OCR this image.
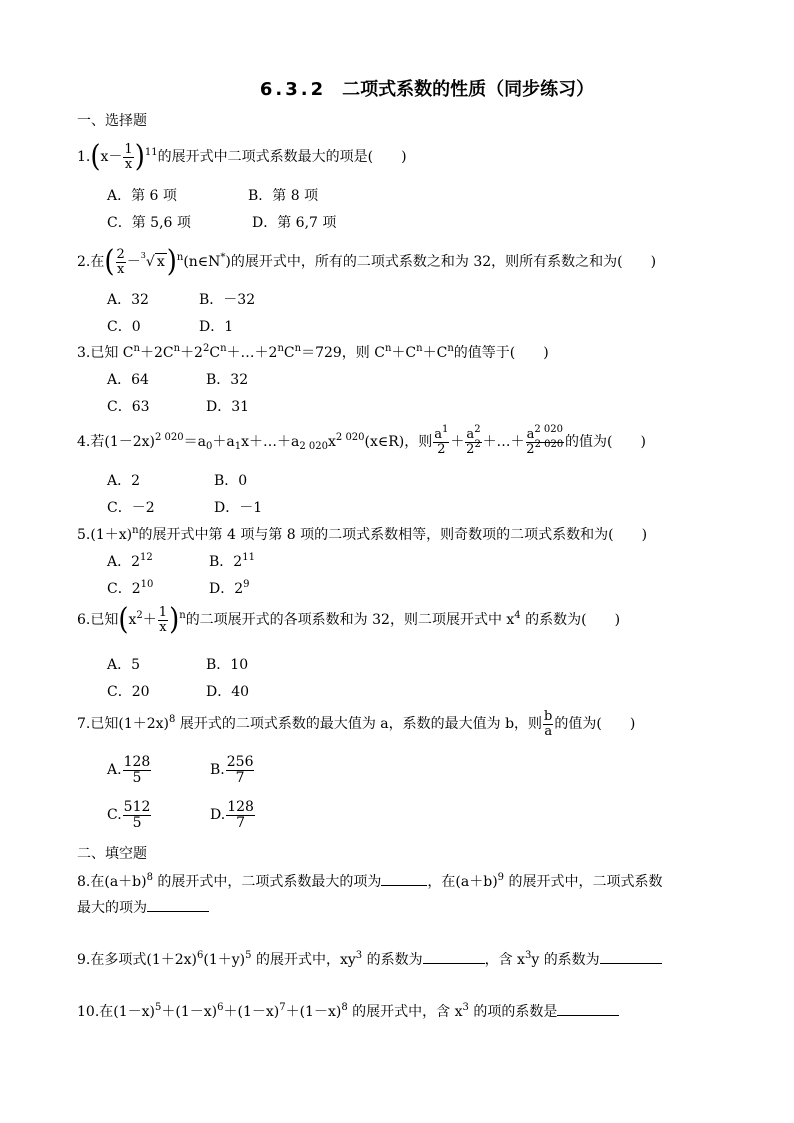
6.3.2 二项式系数的性质（同步练习）
一、选择题
$1.(x- \frac{1}{x} )^{11}$的展开式中二项式系数最大的项是( )
A．第 6 项	B．第 8 项
C．第 5,6 项	D．第 6,7 项
2.在( $\frac{2}{x} -^3√$ x)$^n$(n∈N*)的展开式中，所有的二项式系数之和为 32，则所有系数之和为( )
A．32	B．－32
C．0	D．1
3.已知 $C^n+2C^n+2^2C^n+\dots+2^nC^n=729$，则 $C^n+C^n+C^n$的值等于( )
A．64	B．32
C．63	D．31
4.若$(1-2x)^{2 020}=a_0+a_1x+\dots+a_{2 020}x^{2 020}(x\in R)$，则 $\frac{a^1}{2} + \frac{a^2}{2^2}$ ＋…＋ $\frac{a^{2 020}}{2^{2 020}}$ 的值为( )
A．2	B．0
C．－2	D．－1
$5.(1+x)^n$的展开式中第 4 项与第 8 项的二项式系数相等，则奇数项的二项式系数和为( )
A．$2^{12}$	B．$2^{11}$
C．$2^{10}$	D．$2^9$
6.已知$(x^2+ \frac{1}{x} )^n$的二项展开式的各项系数和为 32，则二项展开式中 $x^4$ 的系数为( )
A．5	B．10
C．20	D．40
7.已知$(1+2x)^8$ 展开式的二项式系数的最大值为 a，系数的最大值为 b，则 $\frac{b}{a}$ 的值为( )
A. $\frac{128}{5}$	B. $\frac{256}{7}$
C. $\frac{512}{5}$	D. $\frac{128}{7}$
二、填空题
8.在$(a+b)^8$ 的展开式中，二项式系数最大的项为	，在$(a+b)^9$ 的展开式中，二项式系数
最大的项为
9.在多项式$(1+2x)^6(1+y)^5$ 的展开式中，$xy^3$ 的系数为	，含 $x^3y$ 的系数为
10.在$(1-x)^5+(1-x)^6+(1-x)^7+(1-x)^8$ 的展开式中，含 $x^3$ 的项的系数是
